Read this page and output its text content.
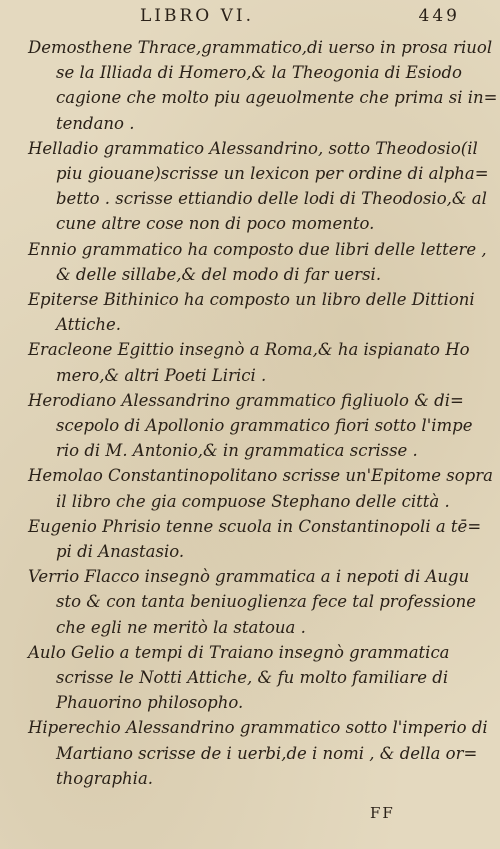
LIBRO VI.	449
Demosthene Thrace,grammatico,di uerso in prosa riuol
se la Illiada di Homero,& la Theogonia di Esiodo
cagione che molto piu ageuolmente che prima si in=
tendano .
Helladio grammatico Alessandrino, sotto Theodosio(il
piu giouane)scrisse un lexicon per ordine di alpha=
betto . scrisse ettiandio delle lodi di Theodosio,& al
cune altre cose non di poco momento.
Ennio grammatico ha composto due libri delle lettere ,
& delle sillabe,& del modo di far uersi.
Epiterse Bithinico ha composto un libro delle Dittioni
Attiche.
Eracleone Egittio insegnò a Roma,& ha ispianato Ho
mero,& altri Poeti Lirici .
Herodiano Alessandrino grammatico figliuolo & di=
scepolo di Apollonio grammatico fiori sotto l'impe
rio di M. Antonio,& in grammatica scrisse .
Hemolao Constantinopolitano scrisse un'Epitome sopra
il libro che gia compuose Stephano delle città .
Eugenio Phrisio tenne scuola in Constantinopoli a tē=
pi di Anastasio.
Verrio Flacco insegnò grammatica a i nepoti di Augu
sto & con tanta beniuoglienza fece tal professione
che egli ne meritò la statoua .
Aulo Gelio a tempi di Traiano insegnò grammatica
scrisse le Notti Attiche, & fu molto familiare di
Phauorino philosopho.
Hiperechio Alessandrino grammatico sotto l'imperio di
Martiano scrisse de i uerbi,de i nomi , & della or=
thographia.
FF
